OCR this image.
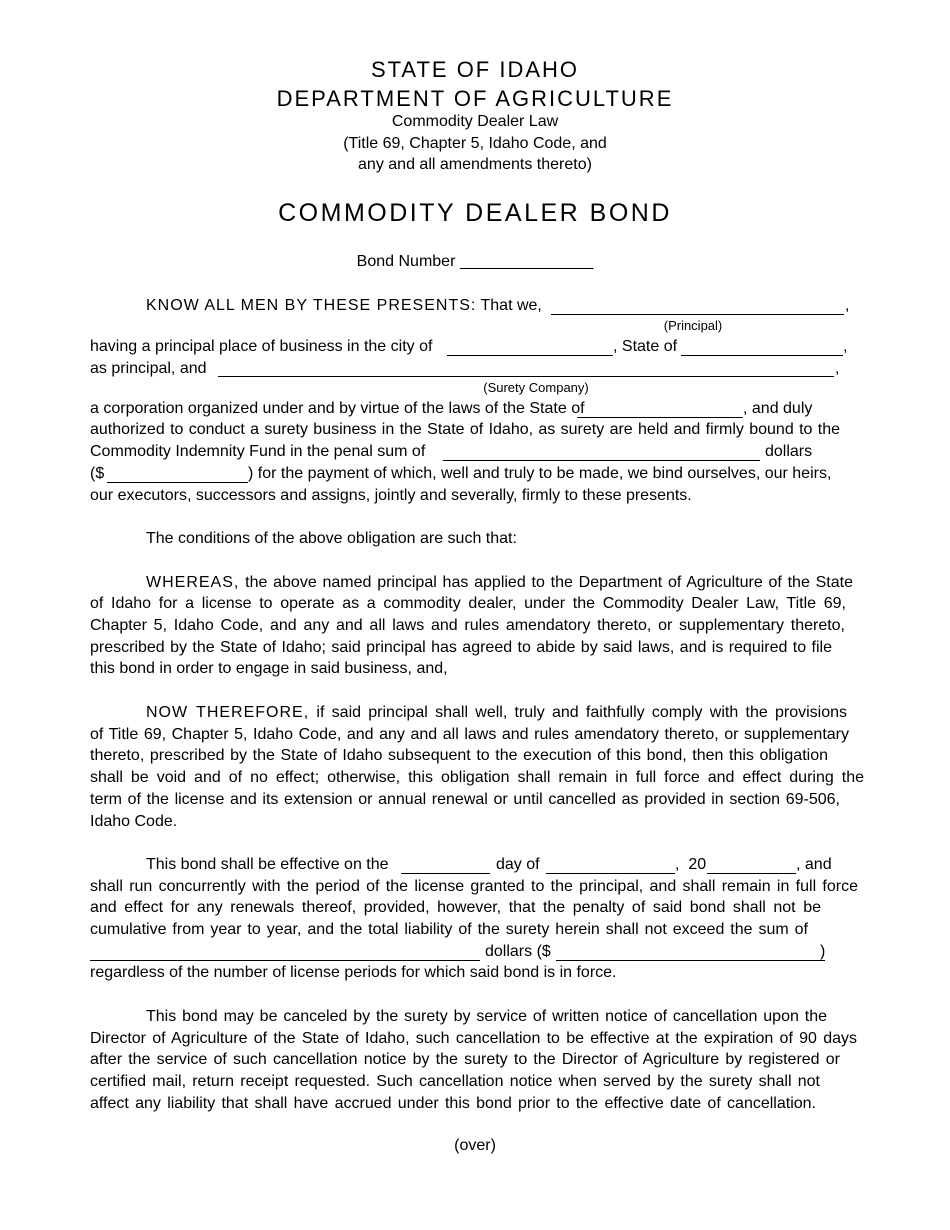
STATE OF IDAHO
DEPARTMENT OF AGRICULTURE
Commodity Dealer Law
(Title 69, Chapter 5, Idaho Code, and
any and all amendments thereto)
COMMODITY DEALER BOND
Bond Number _______________
KNOW ALL MEN BY THESE PRESENTS: That we,	,
(Principal)
having a principal place of business in the city of	, State of	,
as principal, and	,
(Surety Company)
a corporation organized under and by virtue of the laws of the State of	, and duly
authorized to conduct a surety business in the State of Idaho, as surety are held and firmly bound to the
Commodity Indemnity Fund in the penal sum of	dollars
($	) for the payment of which, well and truly to be made, we bind ourselves, our heirs,
our executors, successors and assigns, jointly and severally, firmly to these presents.
The conditions of the above obligation are such that:
WHEREAS, the above named principal has applied to the Department of Agriculture of the State
of Idaho for a license to operate as a commodity dealer, under the Commodity Dealer Law, Title 69,
Chapter 5, Idaho Code, and any and all laws and rules amendatory thereto, or supplementary thereto,
prescribed by the State of Idaho; said principal has agreed to abide by said laws, and is required to file
this bond in order to engage in said business, and,
NOW THEREFORE, if said principal shall well, truly and faithfully comply with the provisions
of Title 69, Chapter 5, Idaho Code, and any and all laws and rules amendatory thereto, or supplementary
thereto, prescribed by the State of Idaho subsequent to the execution of this bond, then this obligation
shall be void and of no effect; otherwise, this obligation shall remain in full force and effect during the
term of the license and its extension or annual renewal or until cancelled as provided in section 69-506,
Idaho Code.
This bond shall be effective on the	day of	,  20	, and
shall run concurrently with the period of the license granted to the principal, and shall remain in full force
and effect for any renewals thereof, provided, however, that the penalty of said bond shall not be
cumulative from year to year, and the total liability of the surety herein shall not exceed the sum of
dollars ($	)
regardless of the number of license periods for which said bond is in force.
This bond may be canceled by the surety by service of written notice of cancellation upon the
Director of Agriculture of the State of Idaho, such cancellation to be effective at the expiration of 90 days
after the service of such cancellation notice by the surety to the Director of Agriculture by registered or
certified mail, return receipt requested. Such cancellation notice when served by the surety shall not
affect any liability that shall have accrued under this bond prior to the effective date of cancellation.
(over)
